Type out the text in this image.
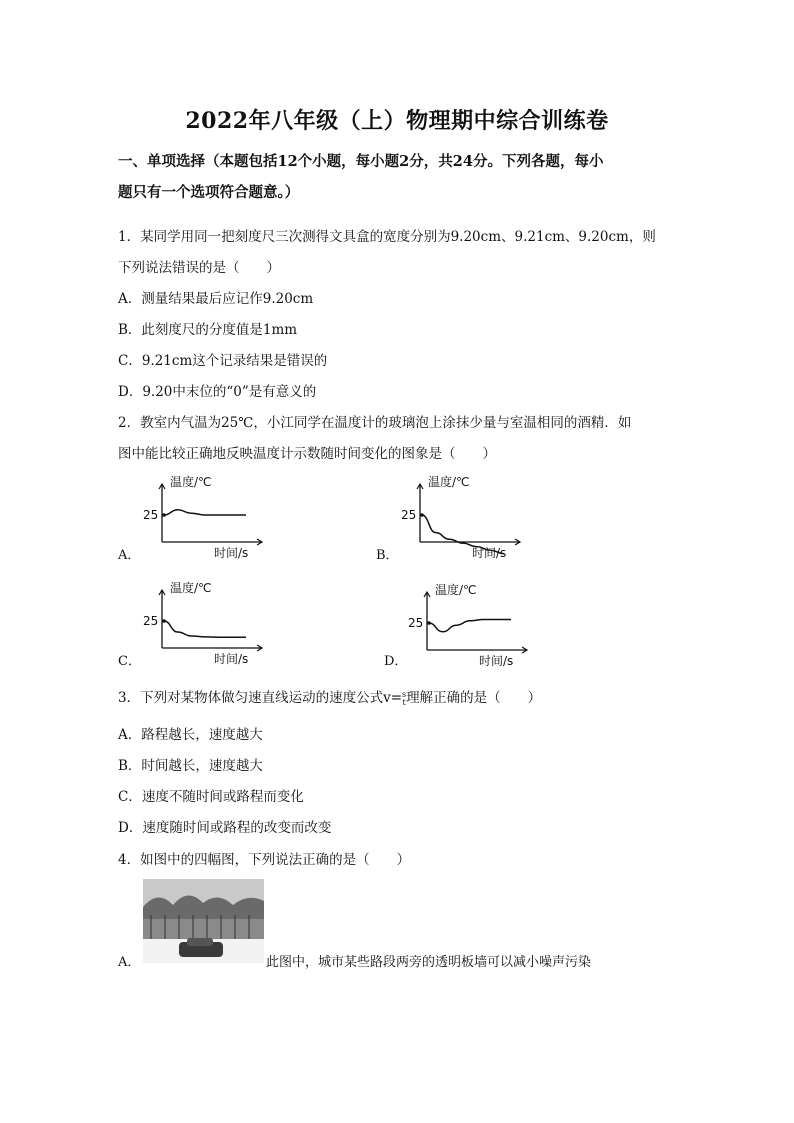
2022年八年级（上）物理期中综合训练卷
一、单项选择（本题包括12个小题，每小题2分，共24分。下列各题，每小
题只有一个选项符合题意。）
1．某同学用同一把刻度尺三次测得文具盒的宽度分别为9.20cm、9.21cm、9.20cm，则
下列说法错误的是（　　）
A．测量结果最后应记作9.20cm
B．此刻度尺的分度值是1mm
C．9.21cm这个记录结果是错误的
D．9.20中末位的“0”是有意义的
2．教室内气温为25℃，小江同学在温度计的玻璃泡上涂抹少量与室温相同的酒精．如
图中能比较正确地反映温度计示数随时间变化的图象是（　　）
A．	B．
C．	D．
温度/℃
时间/s
25
温度/℃
时间/s
25
温度/℃
时间/s
25
温度/℃
时间/s
25
3．下列对某物体做匀速直线运动的速度公式v=s
t理解正确的是（　　）
A．路程越长，速度越大
B．时间越长，速度越大
C．速度不随时间或路程而变化
D．速度随时间或路程的改变而改变
4．如图中的四幅图，下列说法正确的是（　　）
A．	此图中，城市某些路段两旁的透明板墙可以减小噪声污染
